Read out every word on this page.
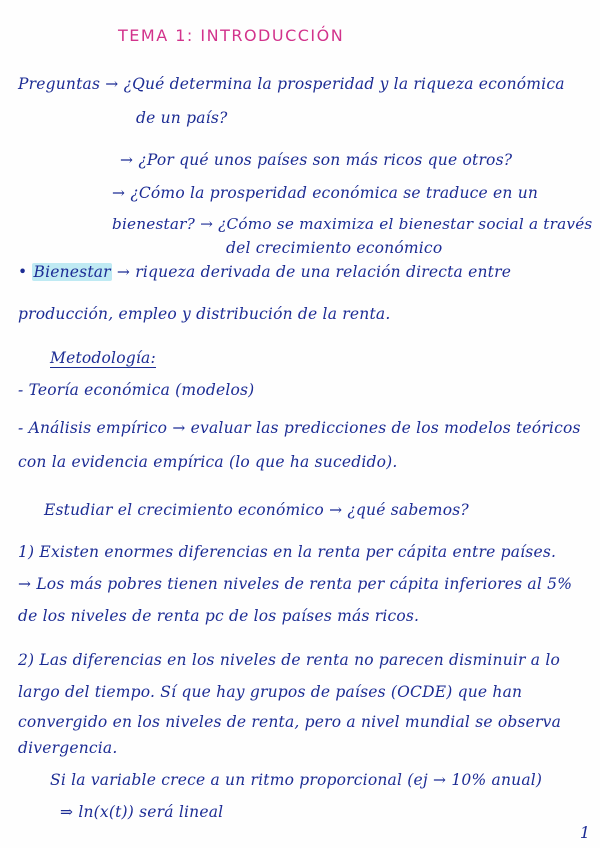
TEMA 1: INTRODUCCIÓN
Preguntas → ¿Qué determina la prosperidad y la riqueza económica
de un país?
→ ¿Por qué unos países son más ricos que otros?
→ ¿Cómo la prosperidad económica se traduce en un
bienestar? → ¿Cómo se maximiza el bienestar social a través
del crecimiento económico
• Bienestar → riqueza derivada de una relación directa entre
producción, empleo y distribución de la renta.
Metodología:
- Teoría económica (modelos)
- Análisis empírico → evaluar las predicciones de los modelos teóricos
con la evidencia empírica (lo que ha sucedido).
Estudiar el crecimiento económico → ¿qué sabemos?
1) Existen enormes diferencias en la renta per cápita entre países.
→ Los más pobres tienen niveles de renta per cápita inferiores al 5%
de los niveles de renta pc de los países más ricos.
2) Las diferencias en los niveles de renta no parecen disminuir a lo
largo del tiempo. Sí que hay grupos de países (OCDE) que han
convergido en los niveles de renta, pero a nivel mundial se observa
divergencia.
Si la variable crece a un ritmo proporcional (ej → 10% anual)
⇒ ln(x(t)) será lineal
1
